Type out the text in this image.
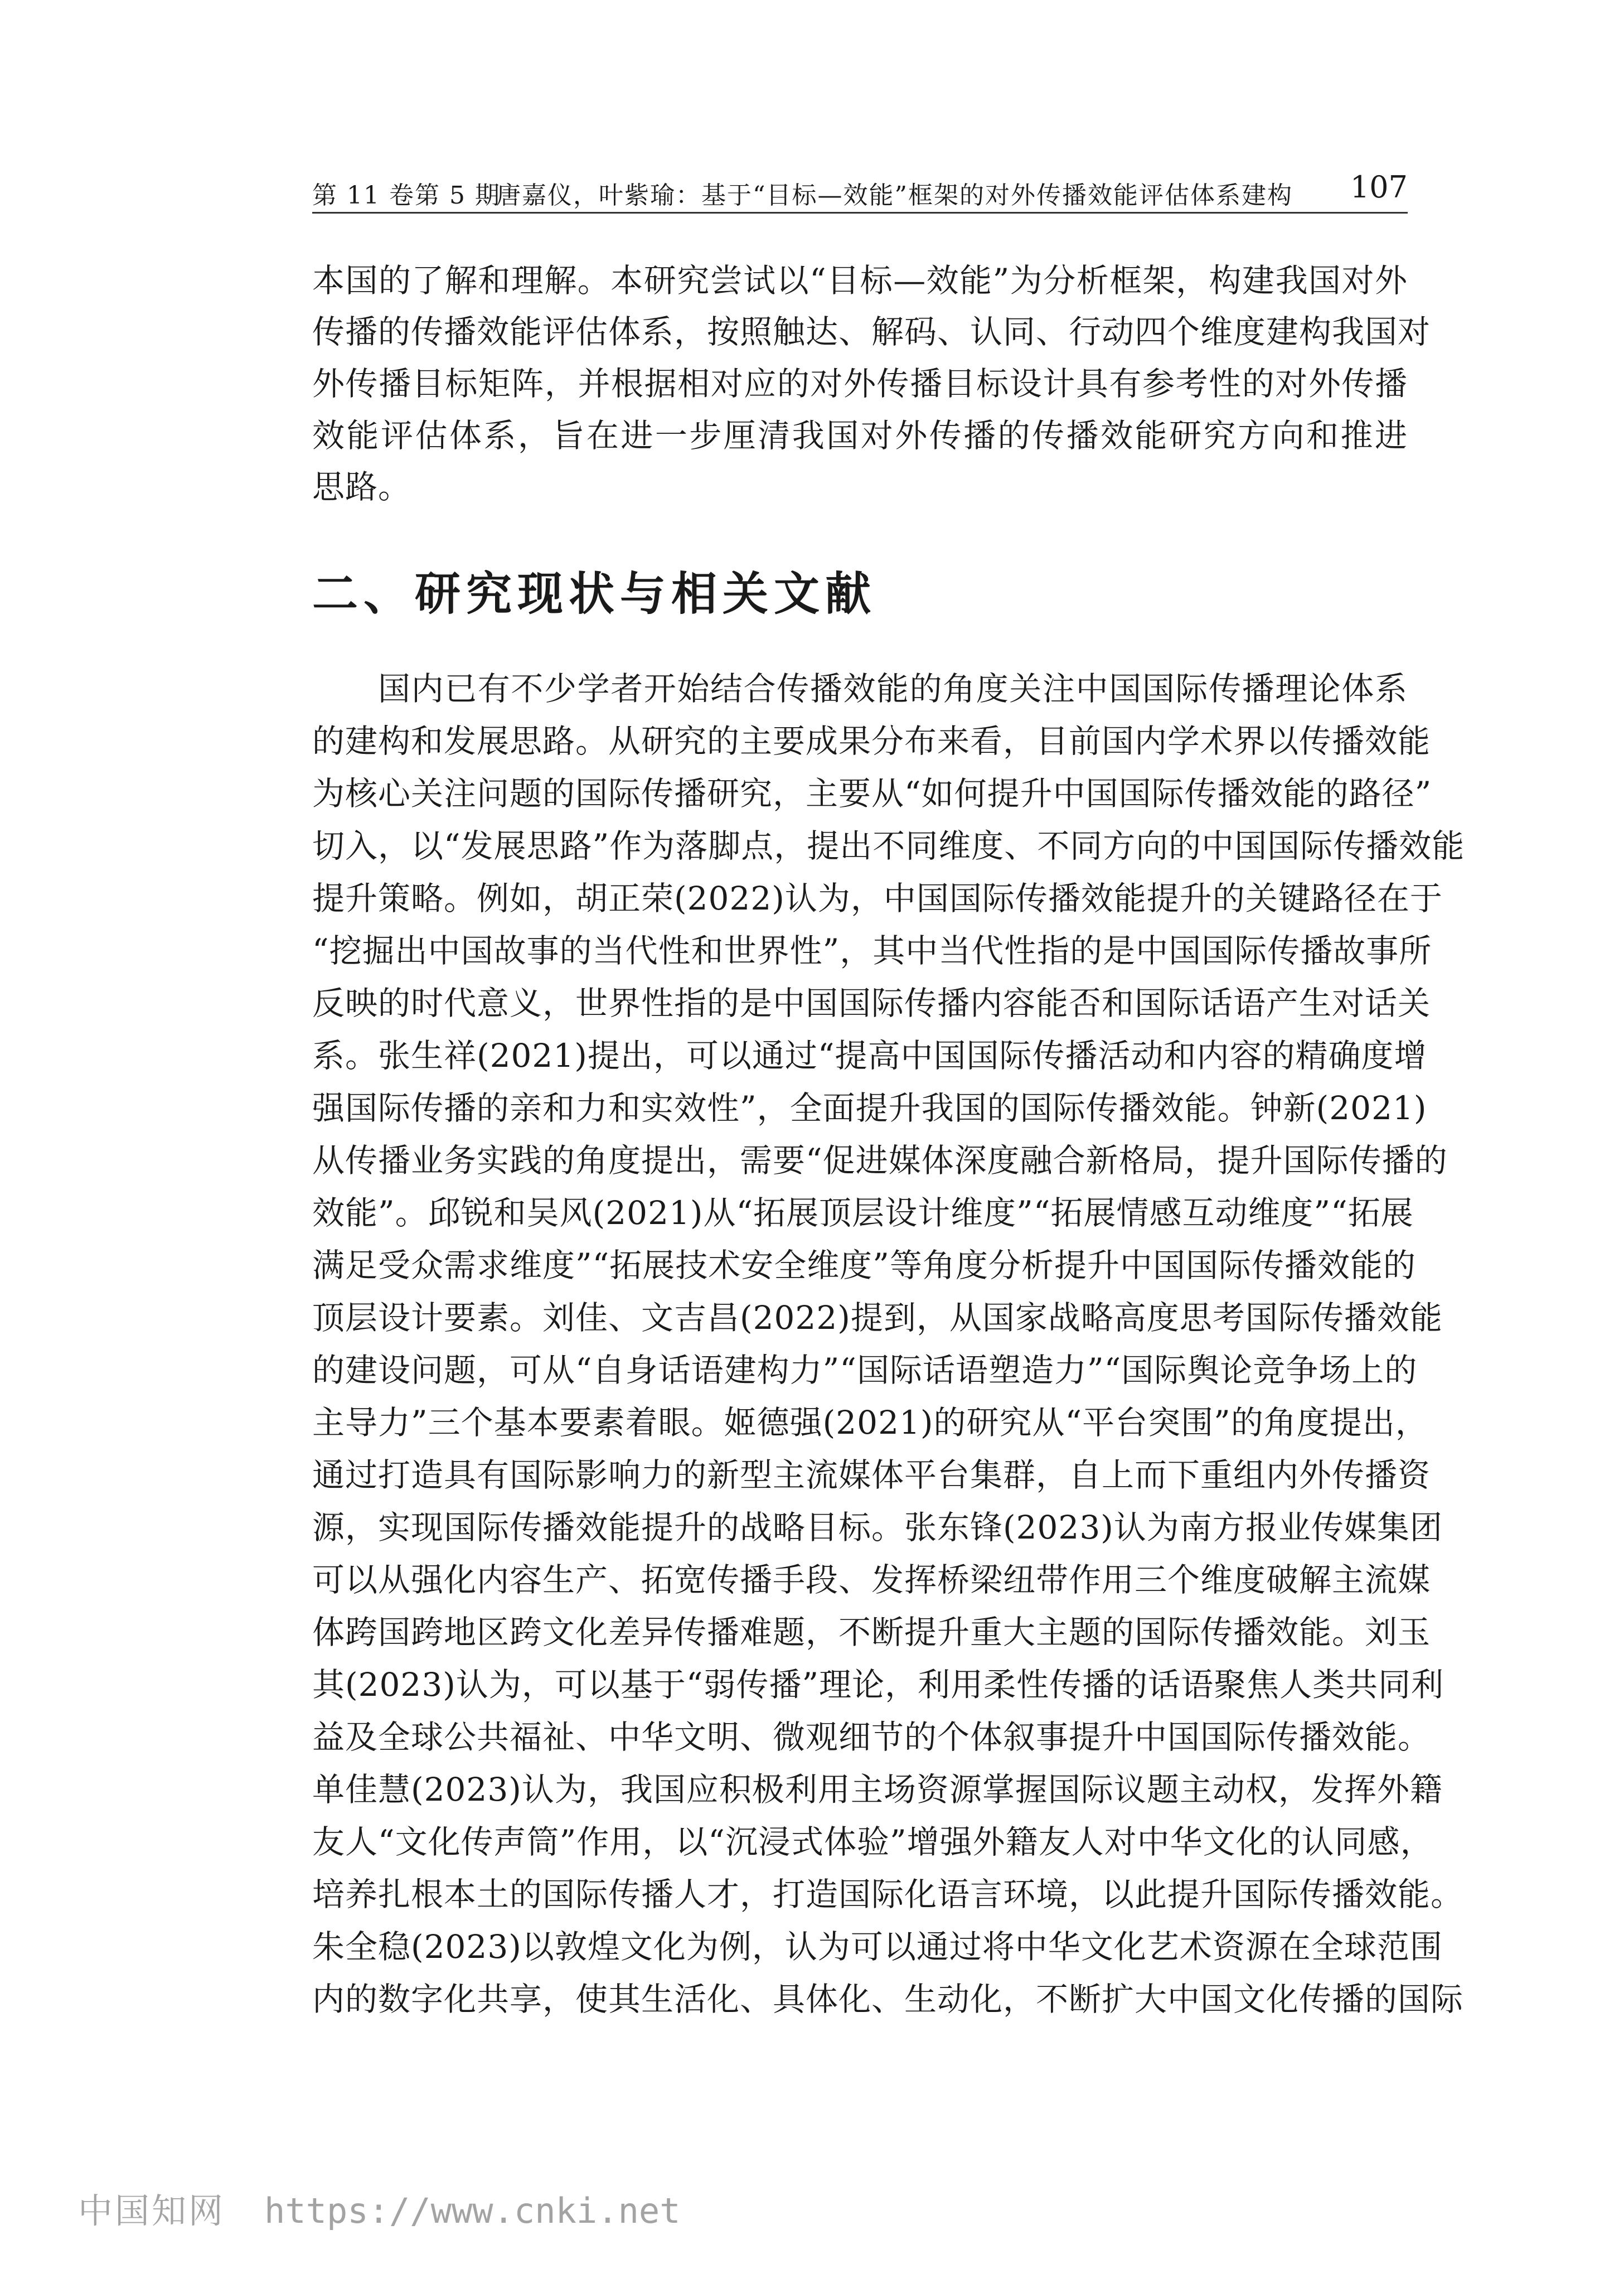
第 11 卷第 5 期
唐嘉仪，叶紫瑜：基于“目标—效能”框架的对外传播效能评估体系建构 107
本国的了解和理解。本研究尝试以“目标—效能”为分析框架，构建我国对外
传播的传播效能评估体系，按照触达、解码、认同、行动四个维度建构我国对
外传播目标矩阵，并根据相对应的对外传播目标设计具有参考性的对外传播
效能评估体系，旨在进一步厘清我国对外传播的传播效能研究方向和推进
思路。
二、研究现状与相关文献
国内已有不少学者开始结合传播效能的角度关注中国国际传播理论体系
的建构和发展思路。从研究的主要成果分布来看，目前国内学术界以传播效能
为核心关注问题的国际传播研究，主要从“如何提升中国国际传播效能的路径”
切入，以“发展思路”作为落脚点，提出不同维度、不同方向的中国国际传播效能
提升策略。例如，胡正荣(2022)认为，中国国际传播效能提升的关键路径在于
“挖掘出中国故事的当代性和世界性”，其中当代性指的是中国国际传播故事所
反映的时代意义，世界性指的是中国国际传播内容能否和国际话语产生对话关
系。张生祥(2021)提出，可以通过“提高中国国际传播活动和内容的精确度增
强国际传播的亲和力和实效性”，全面提升我国的国际传播效能。钟新(2021)
从传播业务实践的角度提出，需要“促进媒体深度融合新格局，提升国际传播的
效能”。邱锐和吴风(2021)从“拓展顶层设计维度”“拓展情感互动维度”“拓展
满足受众需求维度”“拓展技术安全维度”等角度分析提升中国国际传播效能的
顶层设计要素。刘佳、文吉昌(2022)提到，从国家战略高度思考国际传播效能
的建设问题，可从“自身话语建构力”“国际话语塑造力”“国际舆论竞争场上的
主导力”三个基本要素着眼。姬德强(2021)的研究从“平台突围”的角度提出，
通过打造具有国际影响力的新型主流媒体平台集群，自上而下重组内外传播资
源，实现国际传播效能提升的战略目标。张东锋(2023)认为南方报业传媒集团
可以从强化内容生产、拓宽传播手段、发挥桥梁纽带作用三个维度破解主流媒
体跨国跨地区跨文化差异传播难题，不断提升重大主题的国际传播效能。刘玉
其(2023)认为，可以基于“弱传播”理论，利用柔性传播的话语聚焦人类共同利
益及全球公共福祉、中华文明、微观细节的个体叙事提升中国国际传播效能。
单佳慧(2023)认为，我国应积极利用主场资源掌握国际议题主动权，发挥外籍
友人“文化传声筒”作用，以“沉浸式体验”增强外籍友人对中华文化的认同感，
培养扎根本土的国际传播人才，打造国际化语言环境，以此提升国际传播效能。
朱全稳(2023)以敦煌文化为例，认为可以通过将中华文化艺术资源在全球范围
内的数字化共享，使其生活化、具体化、生动化，不断扩大中国文化传播的国际
中国知网 https://www.cnki.net
